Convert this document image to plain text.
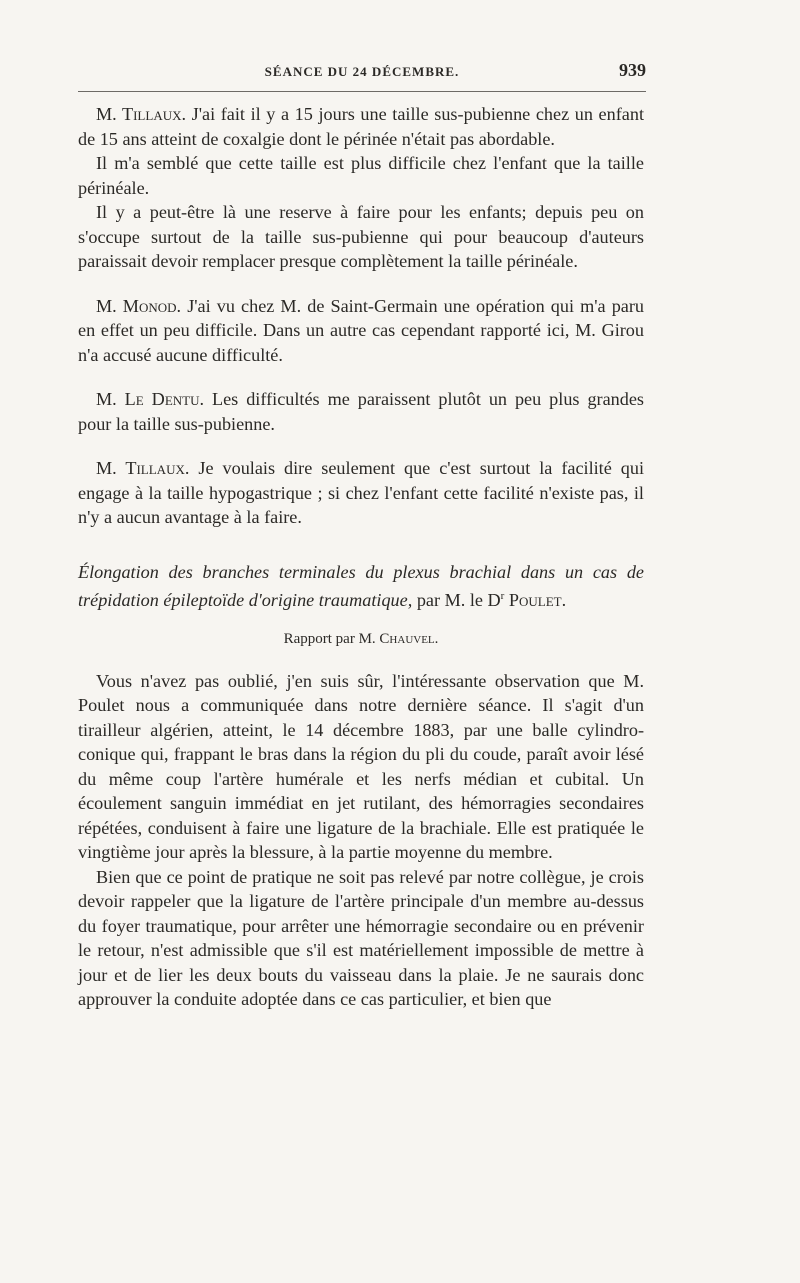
SÉANCE DU 24 DÉCEMBRE.	939

M. Tillaux. J'ai fait il y a 15 jours une taille sus-pubienne chez un enfant de 15 ans atteint de coxalgie dont le périnée n'était pas abordable.

Il m'a semblé que cette taille est plus difficile chez l'enfant que la taille périnéale.

Il y a peut-être là une reserve à faire pour les enfants; depuis peu on s'occupe surtout de la taille sus-pubienne qui pour beaucoup d'auteurs paraissait devoir remplacer presque complètement la taille périnéale.

M. Monod. J'ai vu chez M. de Saint-Germain une opération qui m'a paru en effet un peu difficile. Dans un autre cas cependant rapporté ici, M. Girou n'a accusé aucune difficulté.

M. Le Dentu. Les difficultés me paraissent plutôt un peu plus grandes pour la taille sus-pubienne.

M. Tillaux. Je voulais dire seulement que c'est surtout la facilité qui engage à la taille hypogastrique ; si chez l'enfant cette facilité n'existe pas, il n'y a aucun avantage à la faire.

Élongation des branches terminales du plexus brachial dans un cas de trépidation épileptoïde d'origine traumatique, par M. le $D^r$ Poulet.
Rapport par M. Chauvel.

Vous n'avez pas oublié, j'en suis sûr, l'intéressante observation que M. Poulet nous a communiquée dans notre dernière séance. Il s'agit d'un tirailleur algérien, atteint, le 14 décembre 1883, par une balle cylindro-conique qui, frappant le bras dans la région du pli du coude, paraît avoir lésé du même coup l'artère humérale et les nerfs médian et cubital. Un écoulement sanguin immédiat en jet rutilant, des hémorragies secondaires répétées, conduisent à faire une ligature de la brachiale. Elle est pratiquée le vingtième jour après la blessure, à la partie moyenne du membre.

Bien que ce point de pratique ne soit pas relevé par notre collègue, je crois devoir rappeler que la ligature de l'artère principale d'un membre au-dessus du foyer traumatique, pour arrêter une hémorragie secondaire ou en prévenir le retour, n'est admissible que s'il est matériellement impossible de mettre à jour et de lier les deux bouts du vaisseau dans la plaie. Je ne saurais donc approuver la conduite adoptée dans ce cas particulier, et bien que
